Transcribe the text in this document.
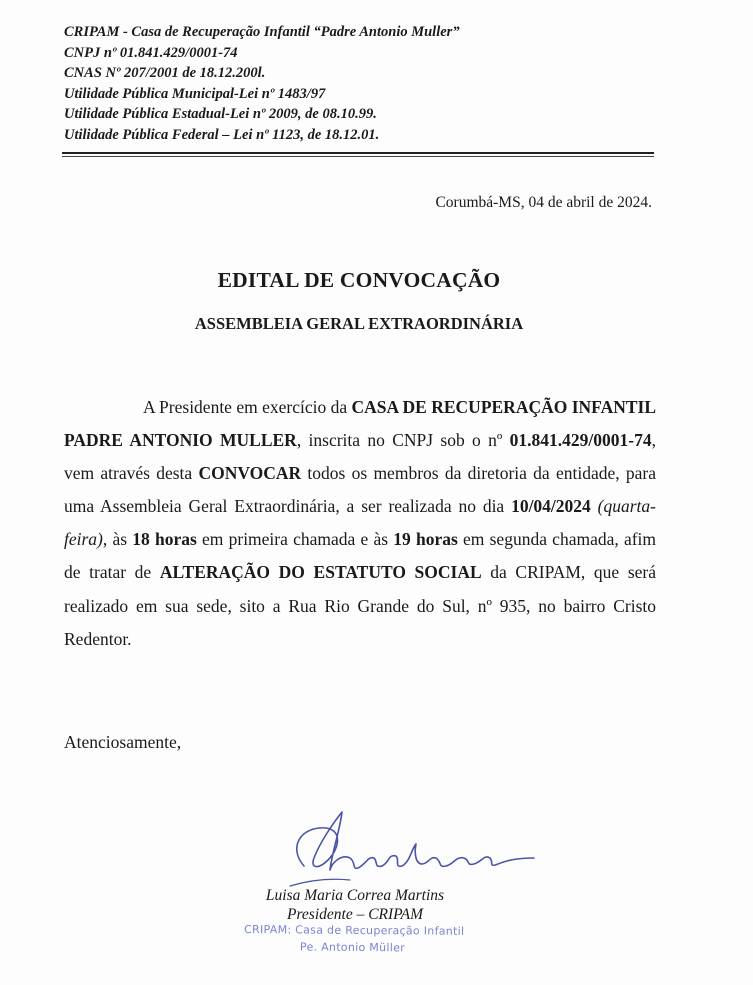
CRIPAM - Casa de Recuperação Infantil “Padre Antonio Muller”
CNPJ nº 01.841.429/0001-74
CNAS Nº 207/2001 de 18.12.200l.
Utilidade Pública Municipal-Lei nº 1483/97
Utilidade Pública Estadual-Lei nº 2009, de 08.10.99.
Utilidade Pública Federal – Lei nº 1123, de 18.12.01.
Corumbá-MS, 04 de abril de 2024.
EDITAL DE CONVOCAÇÃO
ASSEMBLEIA GERAL EXTRAORDINÁRIA
A Presidente em exercício da CASA DE RECUPERAÇÃO INFANTIL PADRE ANTONIO MULLER, inscrita no CNPJ sob o nº 01.841.429/0001-74, vem através desta CONVOCAR todos os membros da diretoria da entidade, para uma Assembleia Geral Extraordinária, a ser realizada no dia 10/04/2024 (quarta-feira), às 18 horas em primeira chamada e às 19 horas em segunda chamada, afim de tratar de ALTERAÇÃO DO ESTATUTO SOCIAL da CRIPAM, que será realizado em sua sede, sito a Rua Rio Grande do Sul, nº 935, no bairro Cristo Redentor.
Atenciosamente,
Luisa Maria Correa Martins
Presidente – CRIPAM
CRIPAM: Casa de Recuperação Infantil
Pe. Antonio Müller
